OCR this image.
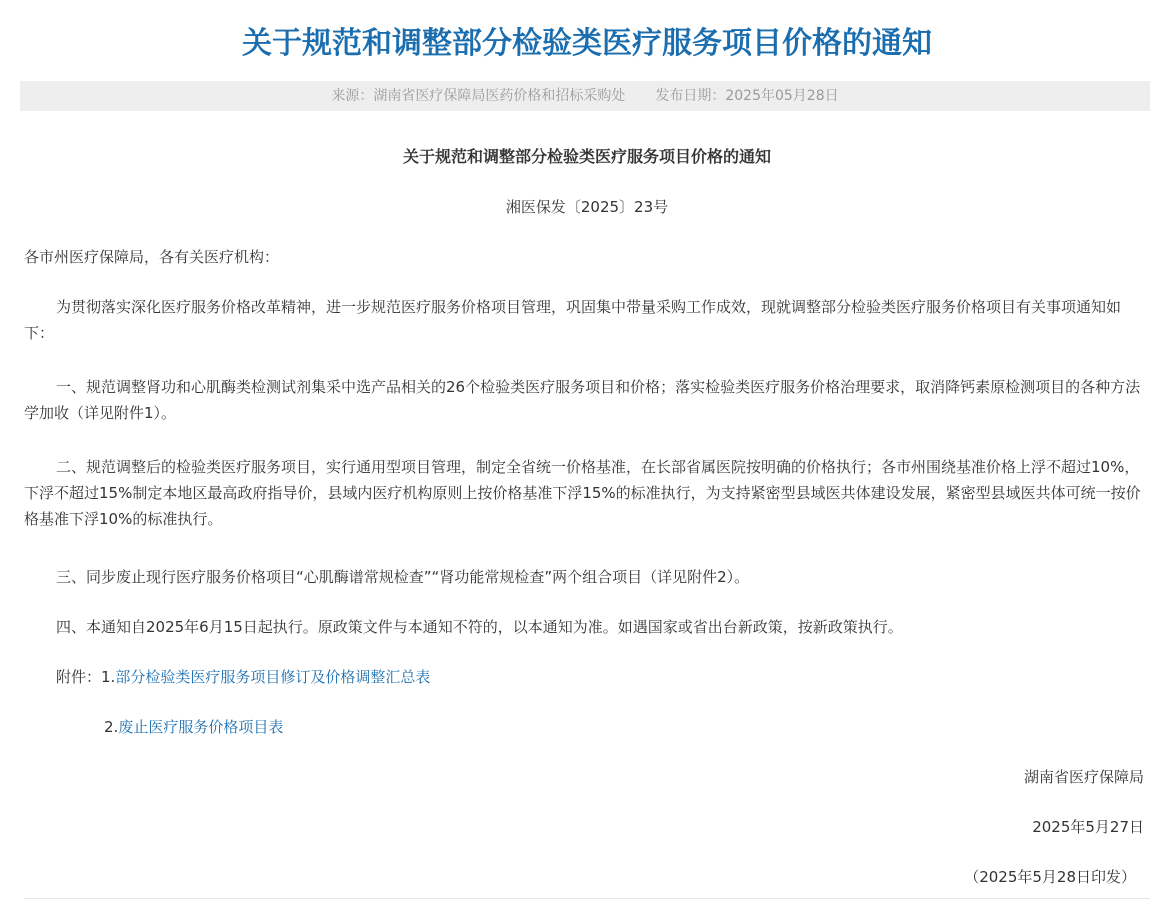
关于规范和调整部分检验类医疗服务项目价格的通知
来源：湖南省医疗保障局医药价格和招标采购处 发布日期：2025年05月28日
关于规范和调整部分检验类医疗服务项目价格的通知
湘医保发〔2025〕23号

各市州医疗保障局，各有关医疗机构：

为贯彻落实深化医疗服务价格改革精神，进一步规范医疗服务价格项目管理，巩固集中带量采购工作成效，现就调整部分检验类医疗服务价格项目有关事项通知如下：

一、规范调整肾功和心肌酶类检测试剂集采中选产品相关的26个检验类医疗服务项目和价格；落实检验类医疗服务价格治理要求，取消降钙素原检测项目的各种方法学加收（详见附件1）。

二、规范调整后的检验类医疗服务项目，实行通用型项目管理，制定全省统一价格基准，在长部省属医院按明确的价格执行；各市州围绕基准价格上浮不超过10%，下浮不超过15%制定本地区最高政府指导价，县域内医疗机构原则上按价格基准下浮15%的标准执行，为支持紧密型县域医共体建设发展，紧密型县域医共体可统一按价格基准下浮10%的标准执行。

三、同步废止现行医疗服务价格项目“心肌酶谱常规检查”“肾功能常规检查”两个组合项目（详见附件2）。

四、本通知自2025年6月15日起执行。原政策文件与本通知不符的，以本通知为准。如遇国家或省出台新政策，按新政策执行。

附件：1.部分检验类医疗服务项目修订及价格调整汇总表

2.废止医疗服务价格项目表

湖南省医疗保障局
2025年5月27日
（2025年5月28日印发）
